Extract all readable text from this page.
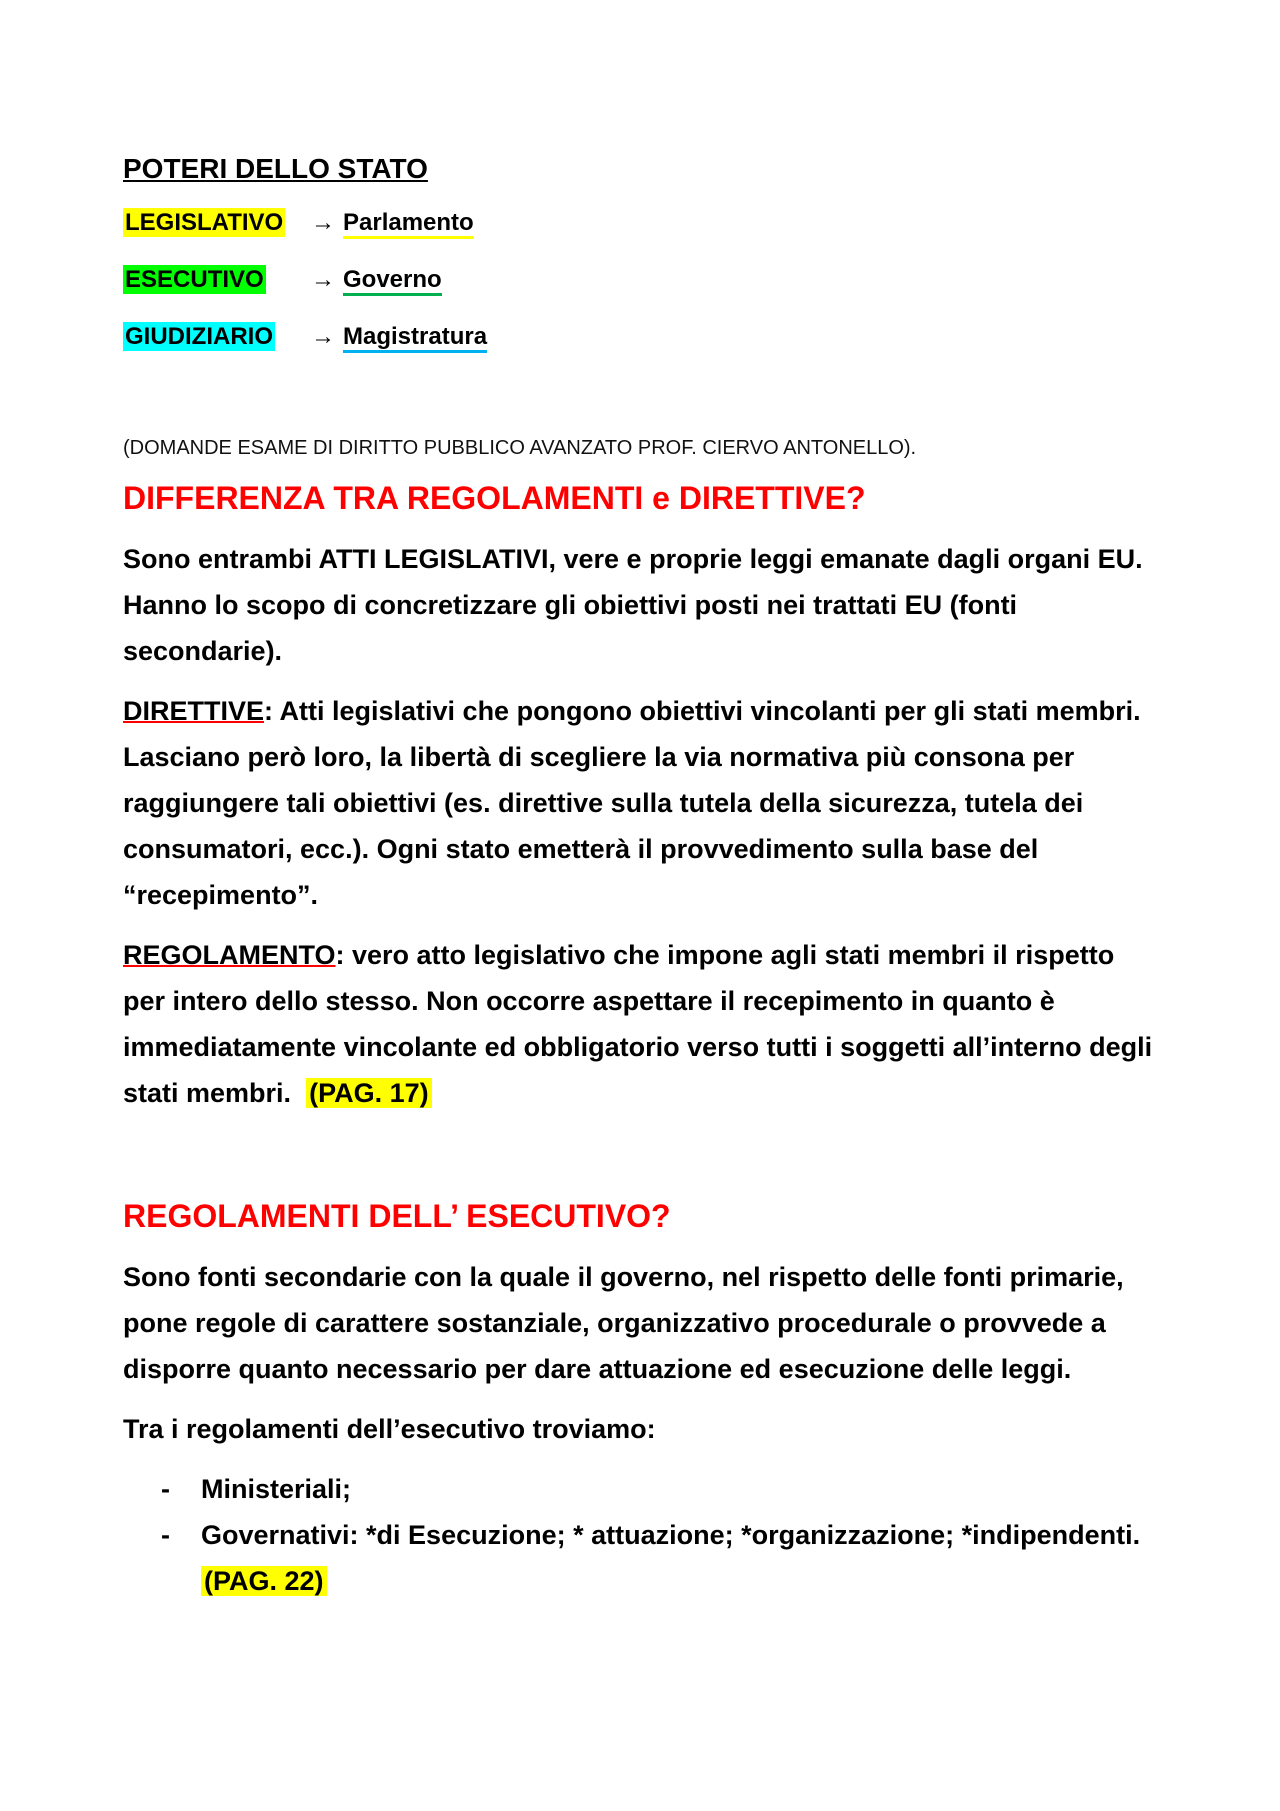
POTERI DELLO STATO
LEGISLATIVO	→ Parlamento
ESECUTIVO	→ Governo
GIUDIZIARIO	→ Magistratura
(DOMANDE ESAME DI DIRITTO PUBBLICO AVANZATO PROF. CIERVO ANTONELLO).
DIFFERENZA TRA REGOLAMENTI e DIRETTIVE?

Sono entrambi ATTI LEGISLATIVI, vere e proprie leggi emanate dagli organi EU. Hanno lo scopo di concretizzare gli obiettivi posti nei trattati EU (fonti secondarie).

DIRETTIVE: Atti legislativi che pongono obiettivi vincolanti per gli stati membri. Lasciano però loro, la libertà di scegliere la via normativa più consona per raggiungere tali obiettivi (es. direttive sulla tutela della sicurezza, tutela dei consumatori, ecc.). Ogni stato emetterà il provvedimento sulla base del “recepimento”.

REGOLAMENTO: vero atto legislativo che impone agli stati membri il rispetto per intero dello stesso. Non occorre aspettare il recepimento in quanto è immediatamente vincolante ed obbligatorio verso tutti i soggetti all’interno degli stati membri. (PAG. 17)

REGOLAMENTI DELL’ ESECUTIVO?

Sono fonti secondarie con la quale il governo, nel rispetto delle fonti primarie, pone regole di carattere sostanziale, organizzativo procedurale o provvede a disporre quanto necessario per dare attuazione ed esecuzione delle leggi.

Tra i regolamenti dell’esecutivo troviamo:

- Ministeriali;
- Governativi: *di Esecuzione; * attuazione; *organizzazione; *indipendenti. (PAG. 22)
